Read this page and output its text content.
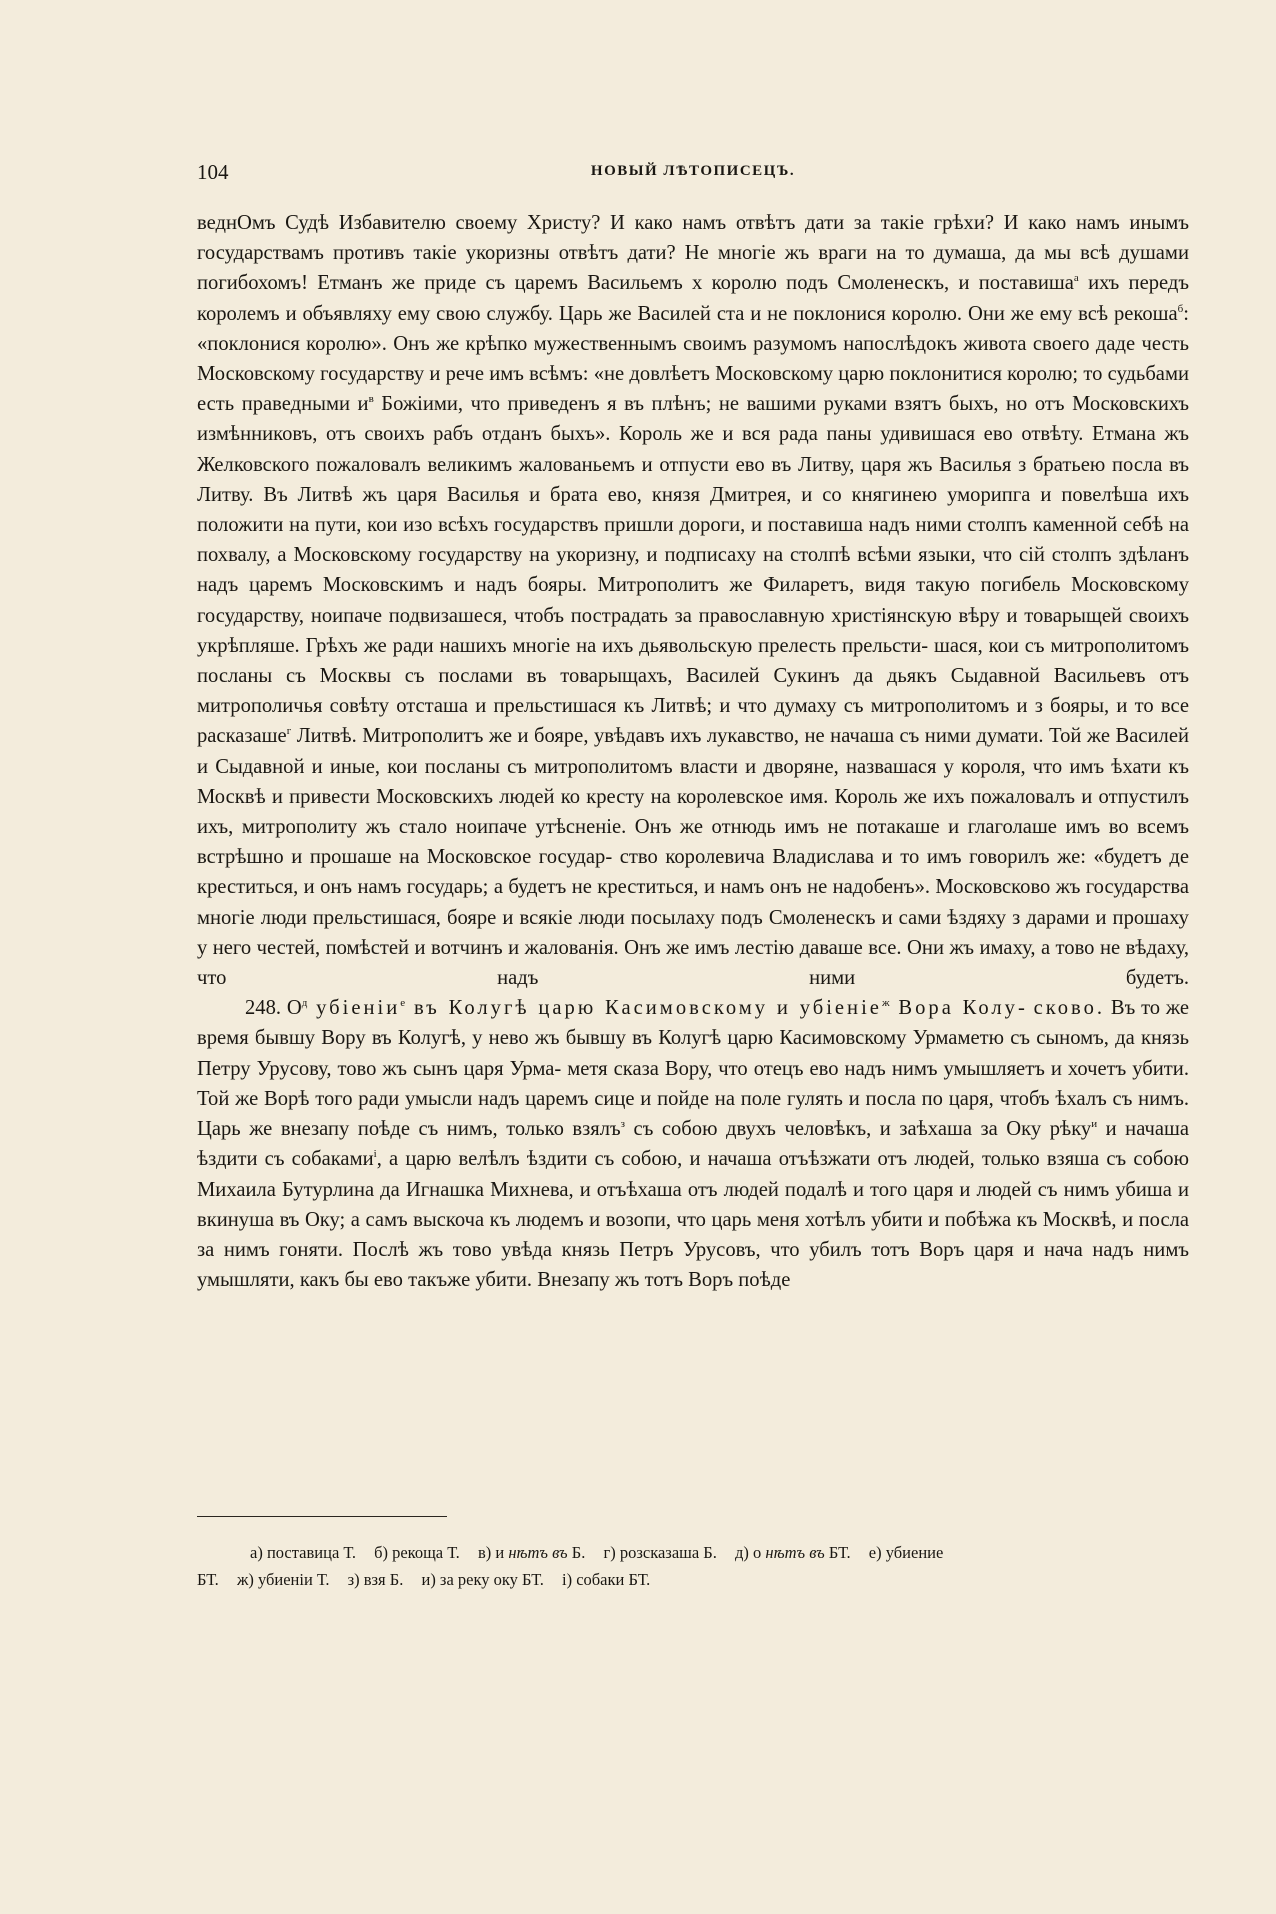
104	НОВЫЙ ЛѢТОПИСЕЦЪ.

веднОмъ Судѣ Избавителю своему Христу? И како намъ отвѣтъ дати за такіе грѣхи? И како намъ инымъ государствамъ противъ такіе укоризны отвѣтъ дати? Не многіе жъ враги на то думаша, да мы всѣ душами погибохомъ! Етманъ же приде съ царемъ Васильемъ х королю подъ Смоленескъ, и поставиша$^а$ ихъ передъ королемъ и объявляху ему свою службу. Царь же Василей ста и не поклонися королю. Они же ему всѣ рекоша$^б$: «поклонися королю». Онъ же крѣпко мужественнымъ своимъ разумомъ напослѣдокъ живота своего даде честь Московскому государству и рече имъ всѣмъ: «не довлѣетъ Московскому царю поклонитися королю; то судьбами есть праведными $и^в$ Божіими, что приведенъ я въ плѣнъ; не вашими руками взятъ быхъ, но отъ Московскихъ измѣнниковъ, отъ своихъ рабъ отданъ быхъ». Король же и вся рада паны удивишася ево отвѣту. Етмана жъ Желковского пожаловалъ великимъ жалованьемъ и отпусти ево въ Литву, царя жъ Василья з братьею посла въ Литву. Въ Литвѣ жъ царя Василья и брата ево, князя Дмитрея, и со княгинею уморипга и повелѣша ихъ положити на пути, кои изо всѣхъ государствъ пришли дороги, и поставиша надъ ними столпъ каменной себѣ на похвалу, а Московскому государству на укоризну, и подписаху на столпѣ всѣми языки, что сій столпъ здѣланъ надъ царемъ Московскимъ и надъ бояры. Митрополитъ же Филаретъ, видя такую погибель Московскому государству, ноипаче подвизашеся, чтобъ пострадать за православную христіянскую вѣру и товарыщей своихъ укрѣпляше. Грѣхъ же ради нашихъ многіе на ихъ дьявольскую прелесть прельсти- шася, кои съ митрополитомъ посланы съ Москвы съ послами въ товарыщахъ, Василей Сукинъ да дьякъ Сыдавной Васильевъ отъ митрополичья совѣту отсташа и прельстишася къ Литвѣ; и что думаху съ митрополитомъ и з бояры, и то все расказаше$^г$ Литвѣ. Митрополитъ же и бояре, увѣдавъ ихъ лукавство, не начаша съ ними думати. Той же Василей и Сыдавной и иные, кои посланы съ митрополитомъ власти и дворяне, назвашася у короля, что имъ ѣхати къ Москвѣ и привести Московскихъ людей ко кресту на королевское имя. Король же ихъ пожаловалъ и отпустилъ ихъ, митрополиту жъ стало ноипаче утѣсненіе. Онъ же отнюдь имъ не потакаше и глаголаше имъ во всемъ встрѣшно и прошаше на Московское государ- ство королевича Владислава и то имъ говорилъ же: «будетъ де креститься, и онъ намъ государь; а будетъ не креститься, и намъ онъ не надобенъ». Московсково жъ государства многіе люди прельстишася, бояре и всякіе люди посылаху подъ Смоленескъ и сами ѣздяху з дарами и прошаху у него честей, помѣстей и вотчинъ и жалованія. Онъ же имъ лестію даваше все. Они жъ имаху, а тово не вѣдаху, что надъ ними будетъ.

248. $О^д$ убіеніи$^е$ въ Колугѣ царю Касимовскому и убіеніе$^ж$ Вора Колу- сково. Въ то же время бывшу Вору въ Колугѣ, у нево жъ бывшу въ Колугѣ царю Касимовскому Урмаметю съ сыномъ, да князь Петру Урусову, тово жъ сынъ царя Урма- метя сказа Вору, что отецъ ево надъ нимъ умышляетъ и хочетъ убити. Той же Ворѣ того ради умысли надъ царемъ сице и пойде на поле гулять и посла по царя, чтобъ ѣхалъ съ нимъ. Царь же внезапу поѣде съ нимъ, только взялъ$^з$ съ собою двухъ человѣкъ, и заѣхаша за Оку рѣку$^и$ и начаша ѣздити съ собаками$^і$, а царю велѣлъ ѣздити съ собою, и начаша отъѣзжати отъ людей, только взяша съ собою Михаила Бутурлина да Игнашка Михнева, и отъѣхаша отъ людей подалѣ и того царя и людей съ нимъ убиша и вкинуша въ Оку; а самъ выскоча къ людемъ и возопи, что царь меня хотѣлъ убити и побѣжа къ Москвѣ, и посла за нимъ гоняти. Послѣ жъ тово увѣда князь Петръ Урусовъ, что убилъ тотъ Воръ царя и нача надъ нимъ умышляти, какъ бы ево такъже убити. Внезапу жъ тотъ Воръ поѣде

а) поставица Т. б) рекоща Т. в) и нѣтъ въ Б. г) розсказаша Б. д) о нѣтъ въ БТ. е) убиение
БТ. ж) убиеніи Т. з) взя Б. и) за реку оку БТ. і) собаки БТ.
